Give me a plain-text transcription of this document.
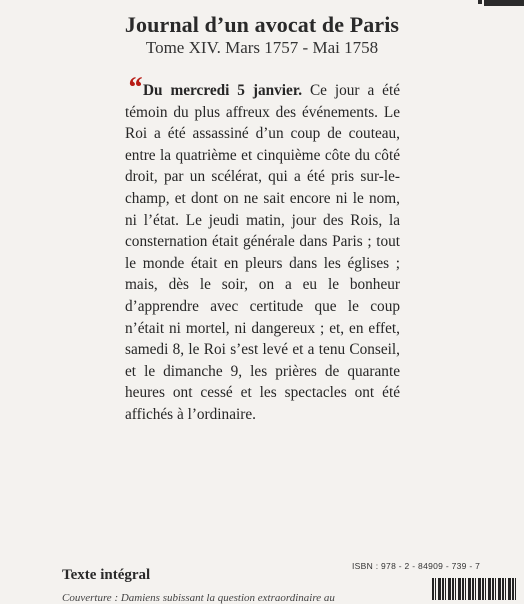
Journal d’un avocat de Paris
Tome XIV. Mars 1757 - Mai 1758
“ Du mercredi 5 janvier. Ce jour a été témoin du plus affreux des événements. Le Roi a été assassiné d’un coup de couteau, entre la quatrième et cinquième côte du côté droit, par un scélérat, qui a été pris sur-le-champ, et dont on ne sait encore ni le nom, ni l’état. Le jeudi matin, jour des Rois, la consternation était générale dans Paris ; tout le monde était en pleurs dans les églises ; mais, dès le soir, on a eu le bonheur d’apprendre avec certitude que le coup n’était ni mortel, ni dangereux ; et, en effet, samedi 8, le Roi s’est levé et a tenu Conseil, et le dimanche 9, les prières de quarante heures ont cessé et les spectacles ont été affichés à l’ordinaire.
Texte intégral
ISBN : 978 - 2 - 84909 - 739 - 7
Couverture : Damiens subissant la question extraordinaire au
